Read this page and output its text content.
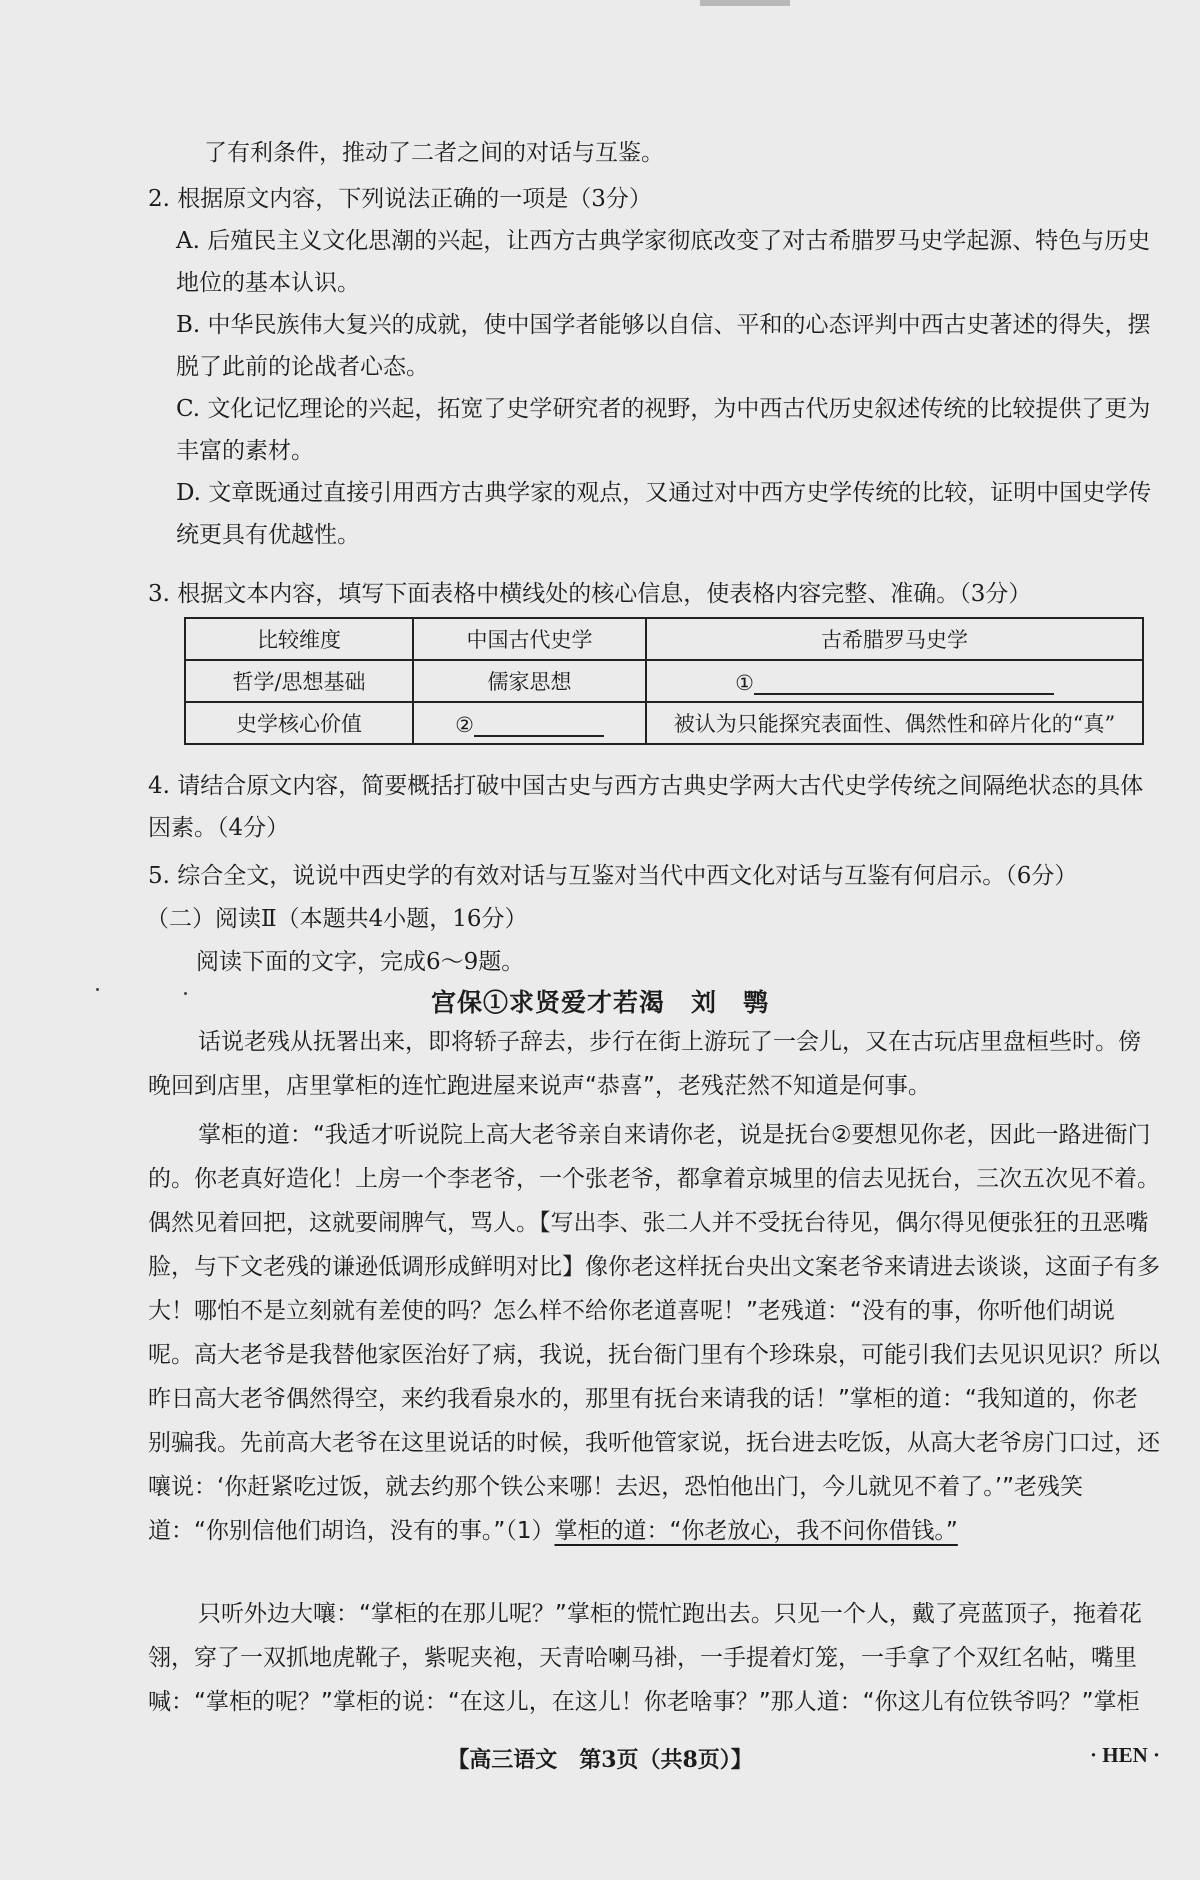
了有利条件，推动了二者之间的对话与互鉴。
2. 根据原文内容，下列说法正确的一项是（3分）
A. 后殖民主义文化思潮的兴起，让西方古典学家彻底改变了对古希腊罗马史学起源、特色与历史地位的基本认识。
B. 中华民族伟大复兴的成就，使中国学者能够以自信、平和的心态评判中西古史著述的得失，摆脱了此前的论战者心态。
C. 文化记忆理论的兴起，拓宽了史学研究者的视野，为中西古代历史叙述传统的比较提供了更为丰富的素材。
D. 文章既通过直接引用西方古典学家的观点，又通过对中西方史学传统的比较，证明中国史学传统更具有优越性。
3. 根据文本内容，填写下面表格中横线处的核心信息，使表格内容完整、准确。（3分）
比较维度	中国古代史学	古希腊罗马史学
哲学/思想基础	儒家思想	①
史学核心价值	②	被认为只能探究表面性、偶然性和碎片化的“真”
4. 请结合原文内容，简要概括打破中国古史与西方古典史学两大古代史学传统之间隔绝状态的具体因素。（4分）
5. 综合全文，说说中西史学的有效对话与互鉴对当代中西文化对话与互鉴有何启示。（6分）
（二）阅读Ⅱ（本题共4小题，16分）
阅读下面的文字，完成6～9题。
宫保①求贤爱才若渴　刘　鹗
话说老残从抚署出来，即将轿子辞去，步行在街上游玩了一会儿，又在古玩店里盘桓些时。傍晚回到店里，店里掌柜的连忙跑进屋来说声“恭喜”，老残茫然不知道是何事。
掌柜的道：“我适才听说院上高大老爷亲自来请你老，说是抚台②要想见你老，因此一路进衙门的。你老真好造化！上房一个李老爷，一个张老爷，都拿着京城里的信去见抚台，三次五次见不着。偶然见着回把，这就要闹脾气，骂人。【写出李、张二人并不受抚台待见，偶尔得见便张狂的丑恶嘴脸，与下文老残的谦逊低调形成鲜明对比】像你老这样抚台央出文案老爷来请进去谈谈，这面子有多大！哪怕不是立刻就有差使的吗？怎么样不给你老道喜呢！”老残道：“没有的事，你听他们胡说呢。高大老爷是我替他家医治好了病，我说，抚台衙门里有个珍珠泉，可能引我们去见识见识？所以昨日高大老爷偶然得空，来约我看泉水的，那里有抚台来请我的话！”掌柜的道：“我知道的，你老别骗我。先前高大老爷在这里说话的时候，我听他管家说，抚台进去吃饭，从高大老爷房门口过，还嚷说：‘你赶紧吃过饭，就去约那个铁公来哪！去迟，恐怕他出门，今儿就见不着了。’”老残笑道：“你别信他们胡诌，没有的事。”（1）掌柜的道：“你老放心，我不问你借钱。”
只听外边大嚷：“掌柜的在那儿呢？”掌柜的慌忙跑出去。只见一个人，戴了亮蓝顶子，拖着花翎，穿了一双抓地虎靴子，紫呢夹袍，天青哈喇马褂，一手提着灯笼，一手拿了个双红名帖，嘴里喊：“掌柜的呢？”掌柜的说：“在这儿，在这儿！你老啥事？”那人道：“你这儿有位铁爷吗？”掌柜
【高三语文　第3页（共8页）】	· HEN ·
